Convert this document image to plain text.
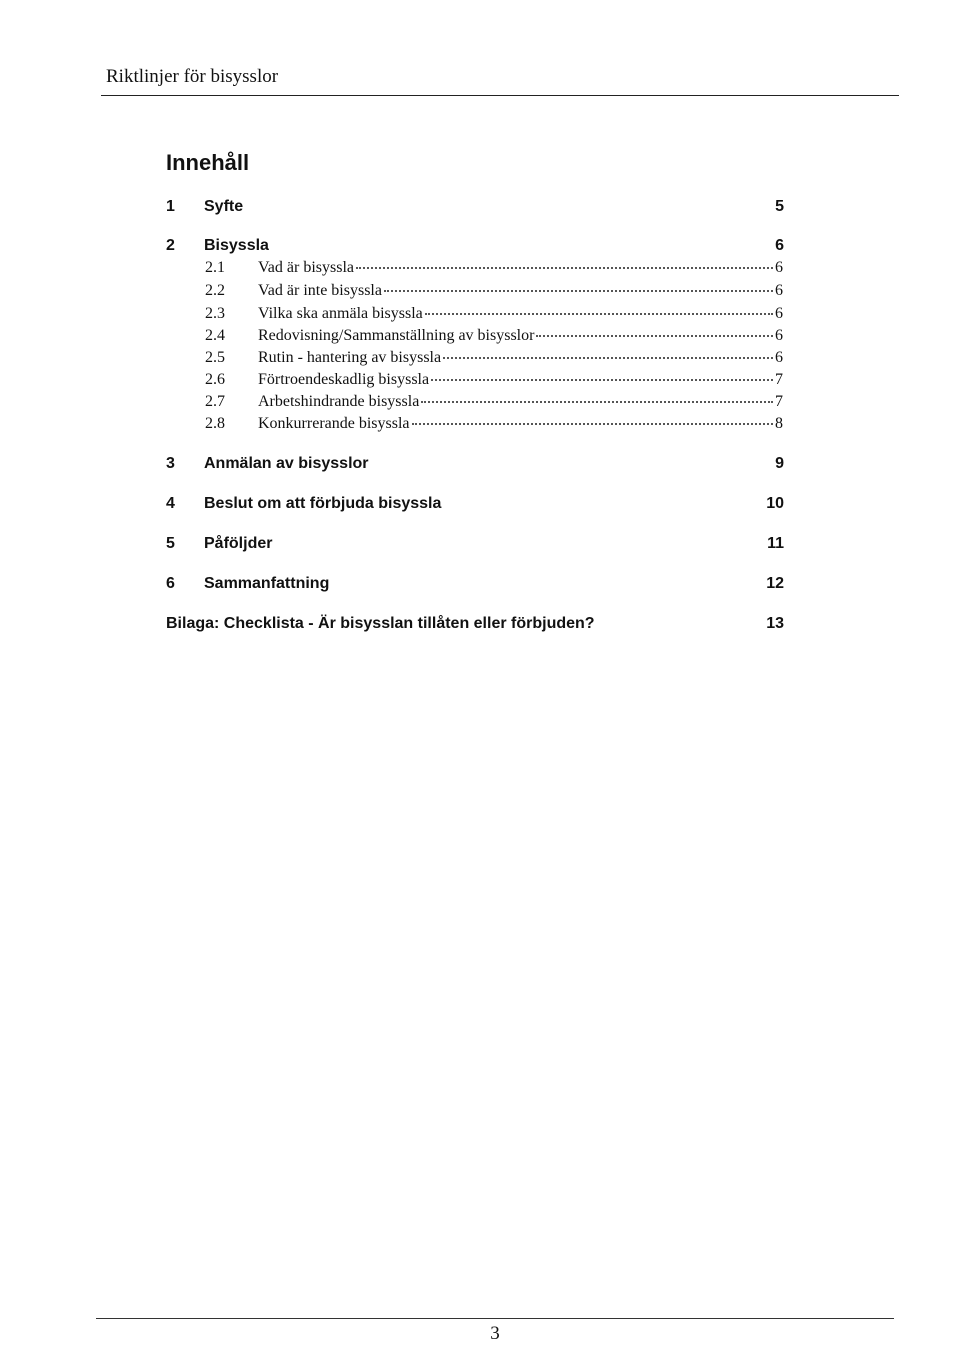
Riktlinjer för bisysslor
Innehåll
1 Syfte	5
2 Bisyssla	6
2.1	Vad är bisyssla	6
2.2	Vad är inte bisyssla	6
2.3	Vilka ska anmäla bisyssla	6
2.4	Redovisning/Sammanställning av bisysslor	6
2.5	Rutin - hantering av bisyssla	6
2.6	Förtroendeskadlig bisyssla	7
2.7	Arbetshindrande bisyssla	7
2.8	Konkurrerande bisyssla	8
3 Anmälan av bisysslor	9
4 Beslut om att förbjuda bisyssla	10
5 Påföljder	11
6 Sammanfattning	12
Bilaga: Checklista - Är bisysslan tillåten eller förbjuden?	13
3
